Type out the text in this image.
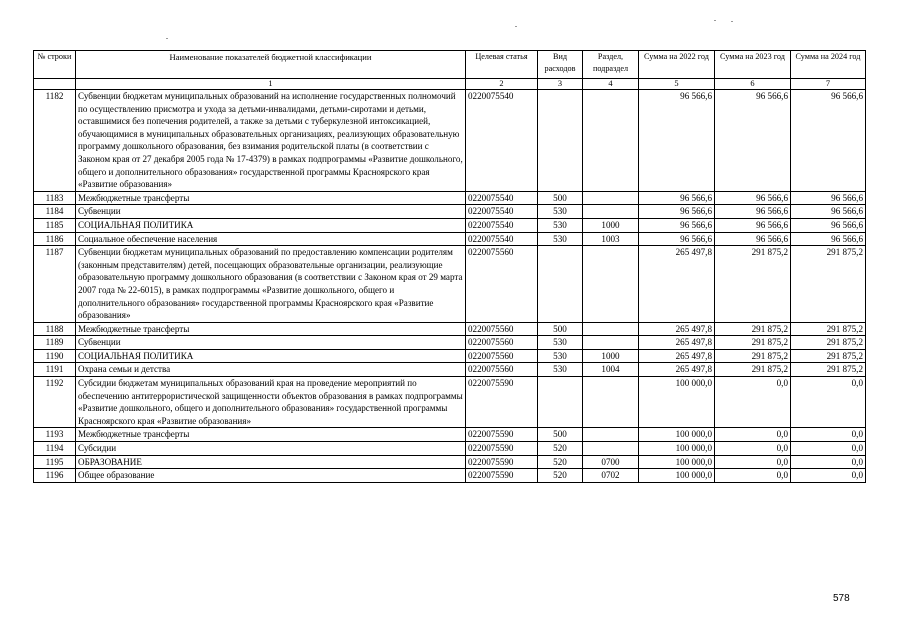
№ строки	Наименование показателей бюджетной классификации	Целевая статья	Вид расходов	Раздел, подраздел	Сумма на 2022 год	Сумма на 2023 год	Сумма на 2024 год
	1	2	3	4	5	6	7
1182	Субвенции бюджетам муниципальных образований на исполнение государственных полномочий по осуществлению присмотра и ухода за детьми-инвалидами, детьми-сиротами и детьми, оставшимися без попечения родителей, а также за детьми с туберкулезной интоксикацией, обучающимися в муниципальных образовательных организациях, реализующих образовательную программу дошкольного образования, без взимания родительской платы (в соответствии с Законом края от 27 декабря 2005 года № 17-4379) в рамках подпрограммы «Развитие дошкольного, общего и дополнительного образования» государственной программы Красноярского края «Развитие образования»	0220075540			96 566,6	96 566,6	96 566,6
1183	Межбюджетные трансферты	0220075540	500		96 566,6	96 566,6	96 566,6
1184	Субвенции	0220075540	530		96 566,6	96 566,6	96 566,6
1185	СОЦИАЛЬНАЯ ПОЛИТИКА	0220075540	530	1000	96 566,6	96 566,6	96 566,6
1186	Социальное обеспечение населения	0220075540	530	1003	96 566,6	96 566,6	96 566,6
1187	Субвенции бюджетам муниципальных образований по предоставлению компенсации родителям (законным представителям) детей, посещающих образовательные организации, реализующие образовательную программу дошкольного образования (в соответствии с Законом края от 29 марта 2007 года № 22-6015), в рамках подпрограммы «Развитие дошкольного, общего и дополнительного образования» государственной программы Красноярского края «Развитие образования»	0220075560			265 497,8	291 875,2	291 875,2
1188	Межбюджетные трансферты	0220075560	500		265 497,8	291 875,2	291 875,2
1189	Субвенции	0220075560	530		265 497,8	291 875,2	291 875,2
1190	СОЦИАЛЬНАЯ ПОЛИТИКА	0220075560	530	1000	265 497,8	291 875,2	291 875,2
1191	Охрана семьи и детства	0220075560	530	1004	265 497,8	291 875,2	291 875,2
1192	Субсидии бюджетам муниципальных образований края на проведение мероприятий по обеспечению антитеррористической защищенности объектов образования в рамках подпрограммы «Развитие дошкольного, общего и дополнительного образования» государственной программы Красноярского края «Развитие образования»	0220075590			100 000,0	0,0	0,0
1193	Межбюджетные трансферты	0220075590	500		100 000,0	0,0	0,0
1194	Субсидии	0220075590	520		100 000,0	0,0	0,0
1195	ОБРАЗОВАНИЕ	0220075590	520	0700	100 000,0	0,0	0,0
1196	Общее образование	0220075590	520	0702	100 000,0	0,0	0,0
578
